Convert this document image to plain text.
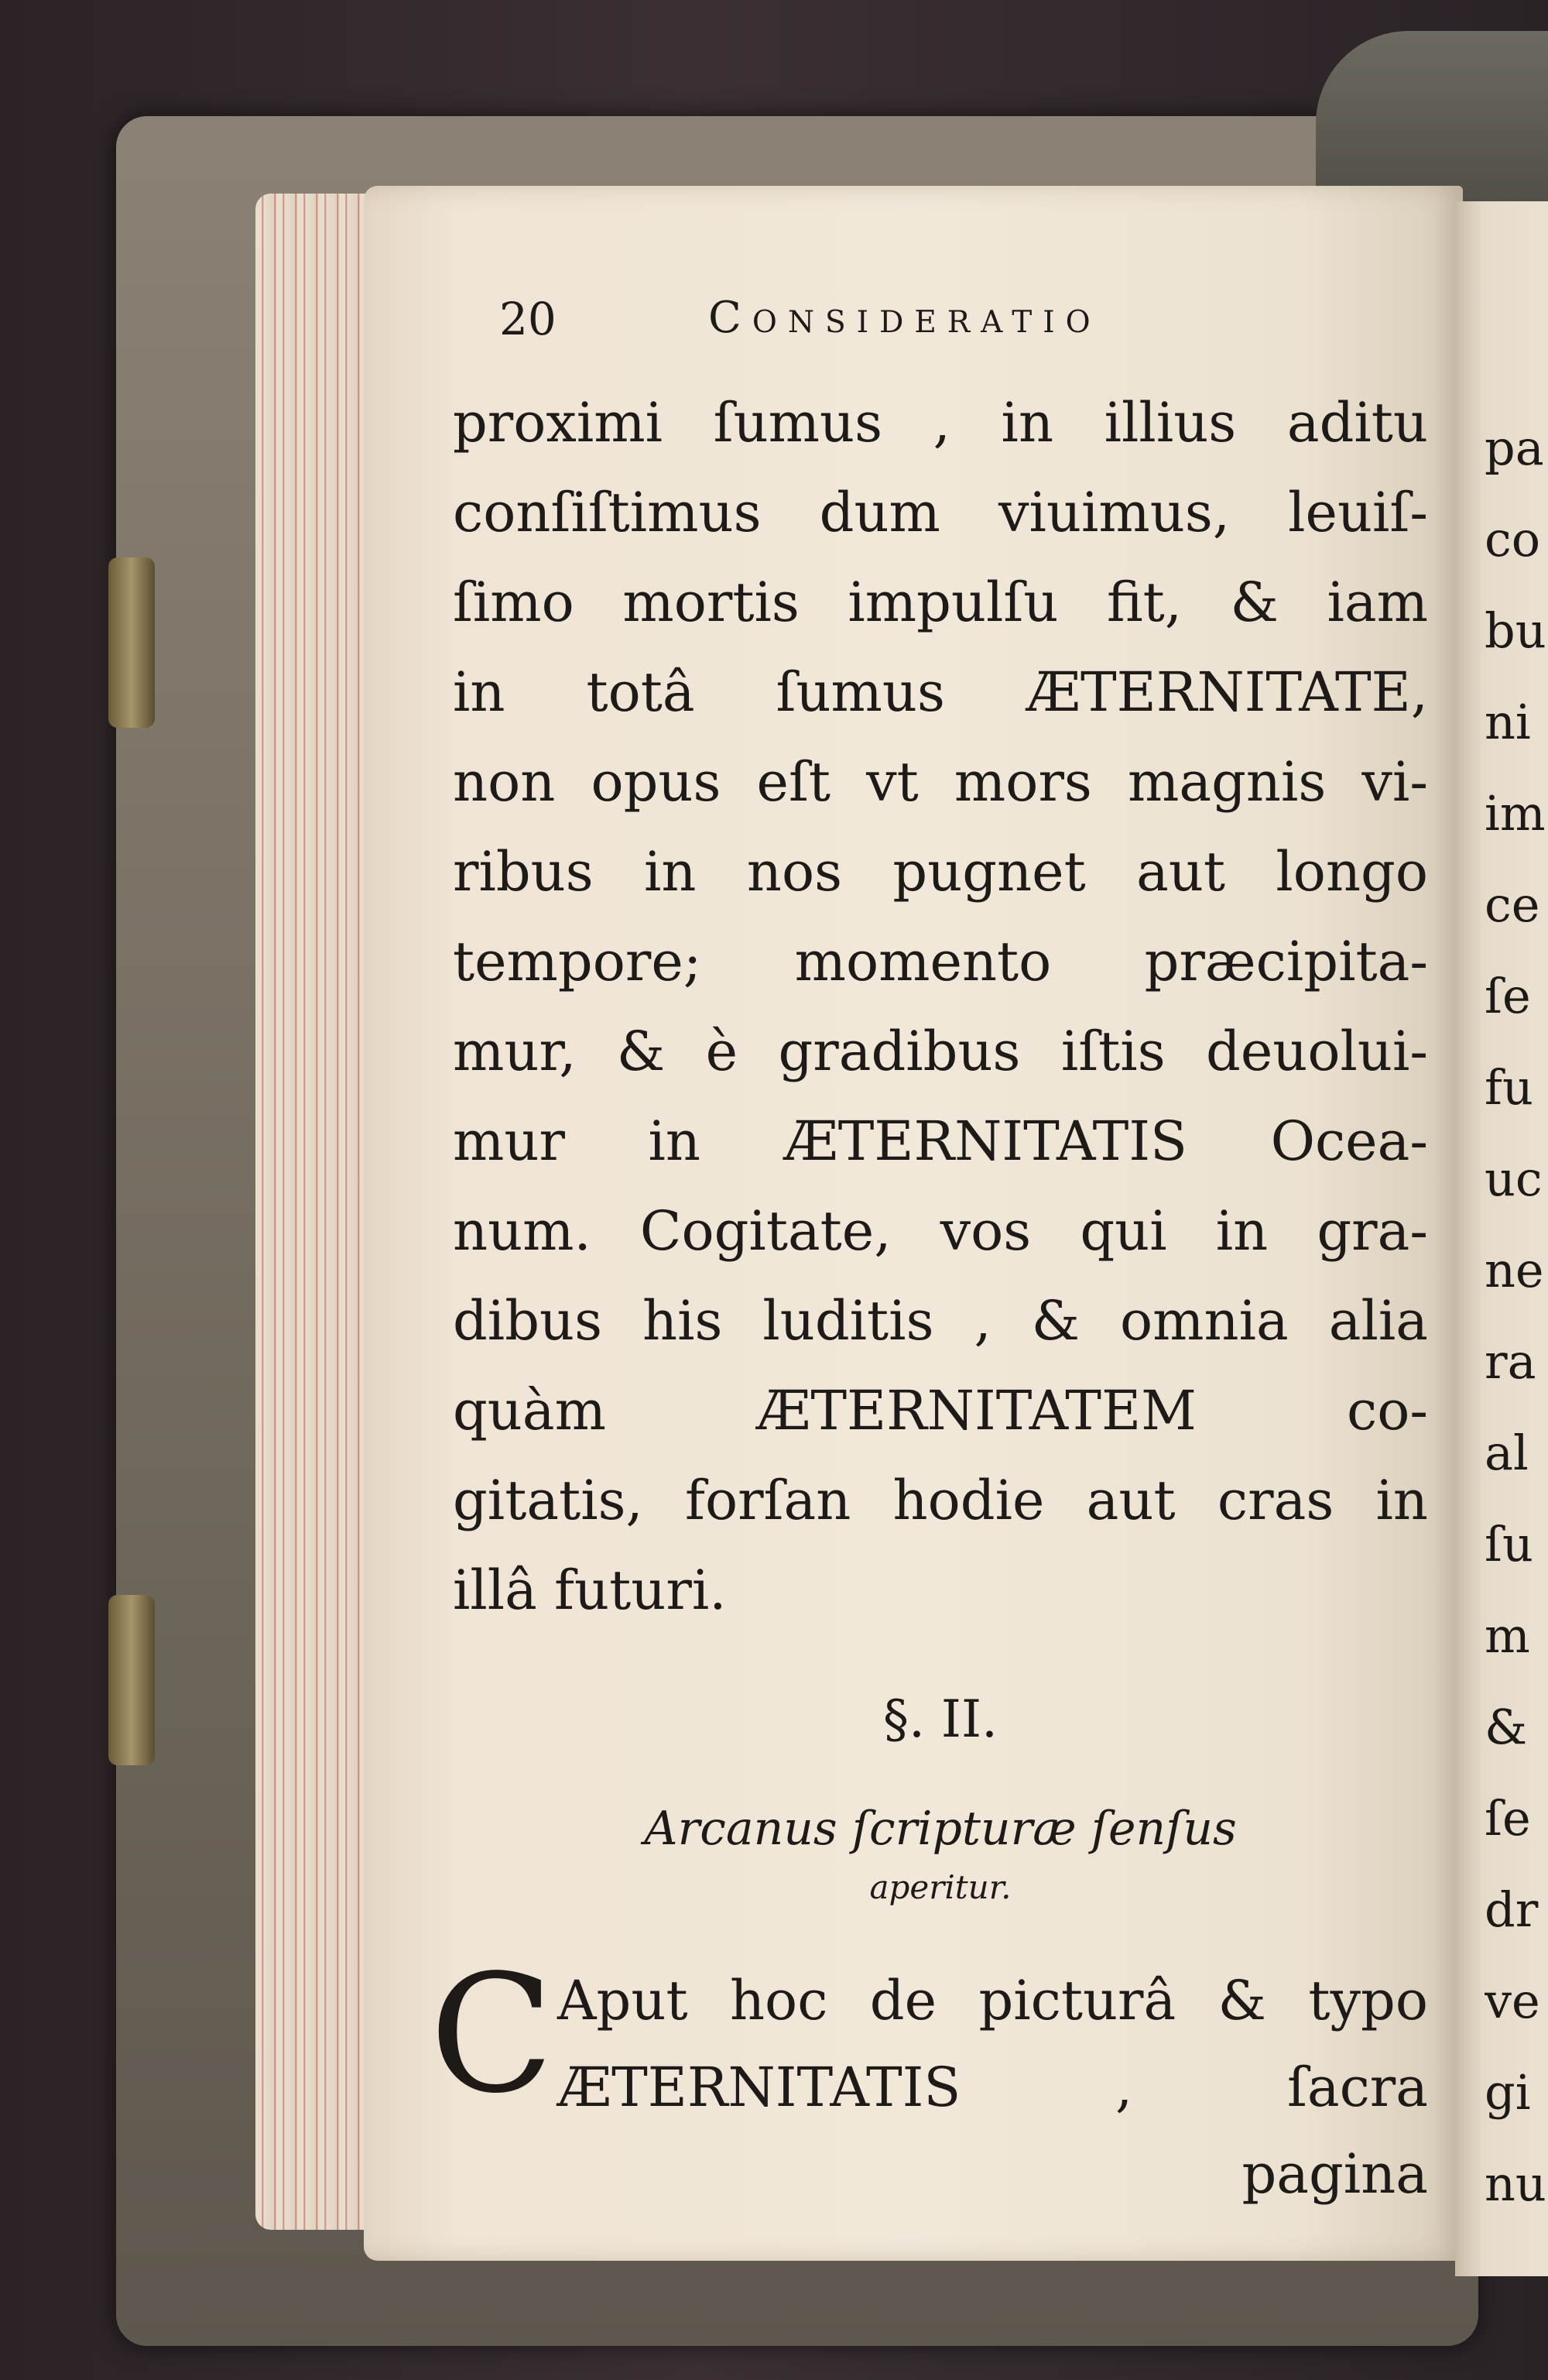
pa
co
bu
ni
im
ce
ſe
fu
uc
ne
ra
al
ſu
m
&
ſe
dr
ve
gi
nu
20	Consideratio
proximi ſumus , in illius aditu
conſiſtimus dum viuimus, leuiſ-
ſimo mortis impulſu fit, & iam
in totâ ſumus ÆTERNITATE,
non opus eſt vt mors magnis vi-
ribus in nos pugnet aut longo
tempore; momento præcipita-
mur, & è gradibus iſtis deuolui-
mur in ÆTERNITATIS Ocea-
num. Cogitate, vos qui in gra-
dibus his luditis , & omnia alia
quàm ÆTERNITATEM co-
gitatis, forſan hodie aut cras in
illâ futuri.
§. II.
Arcanus ſcripturæ ſenſus
aperitur.
C Aput hoc de picturâ & typo
ÆTERNITATIS , ſacra
pagina
